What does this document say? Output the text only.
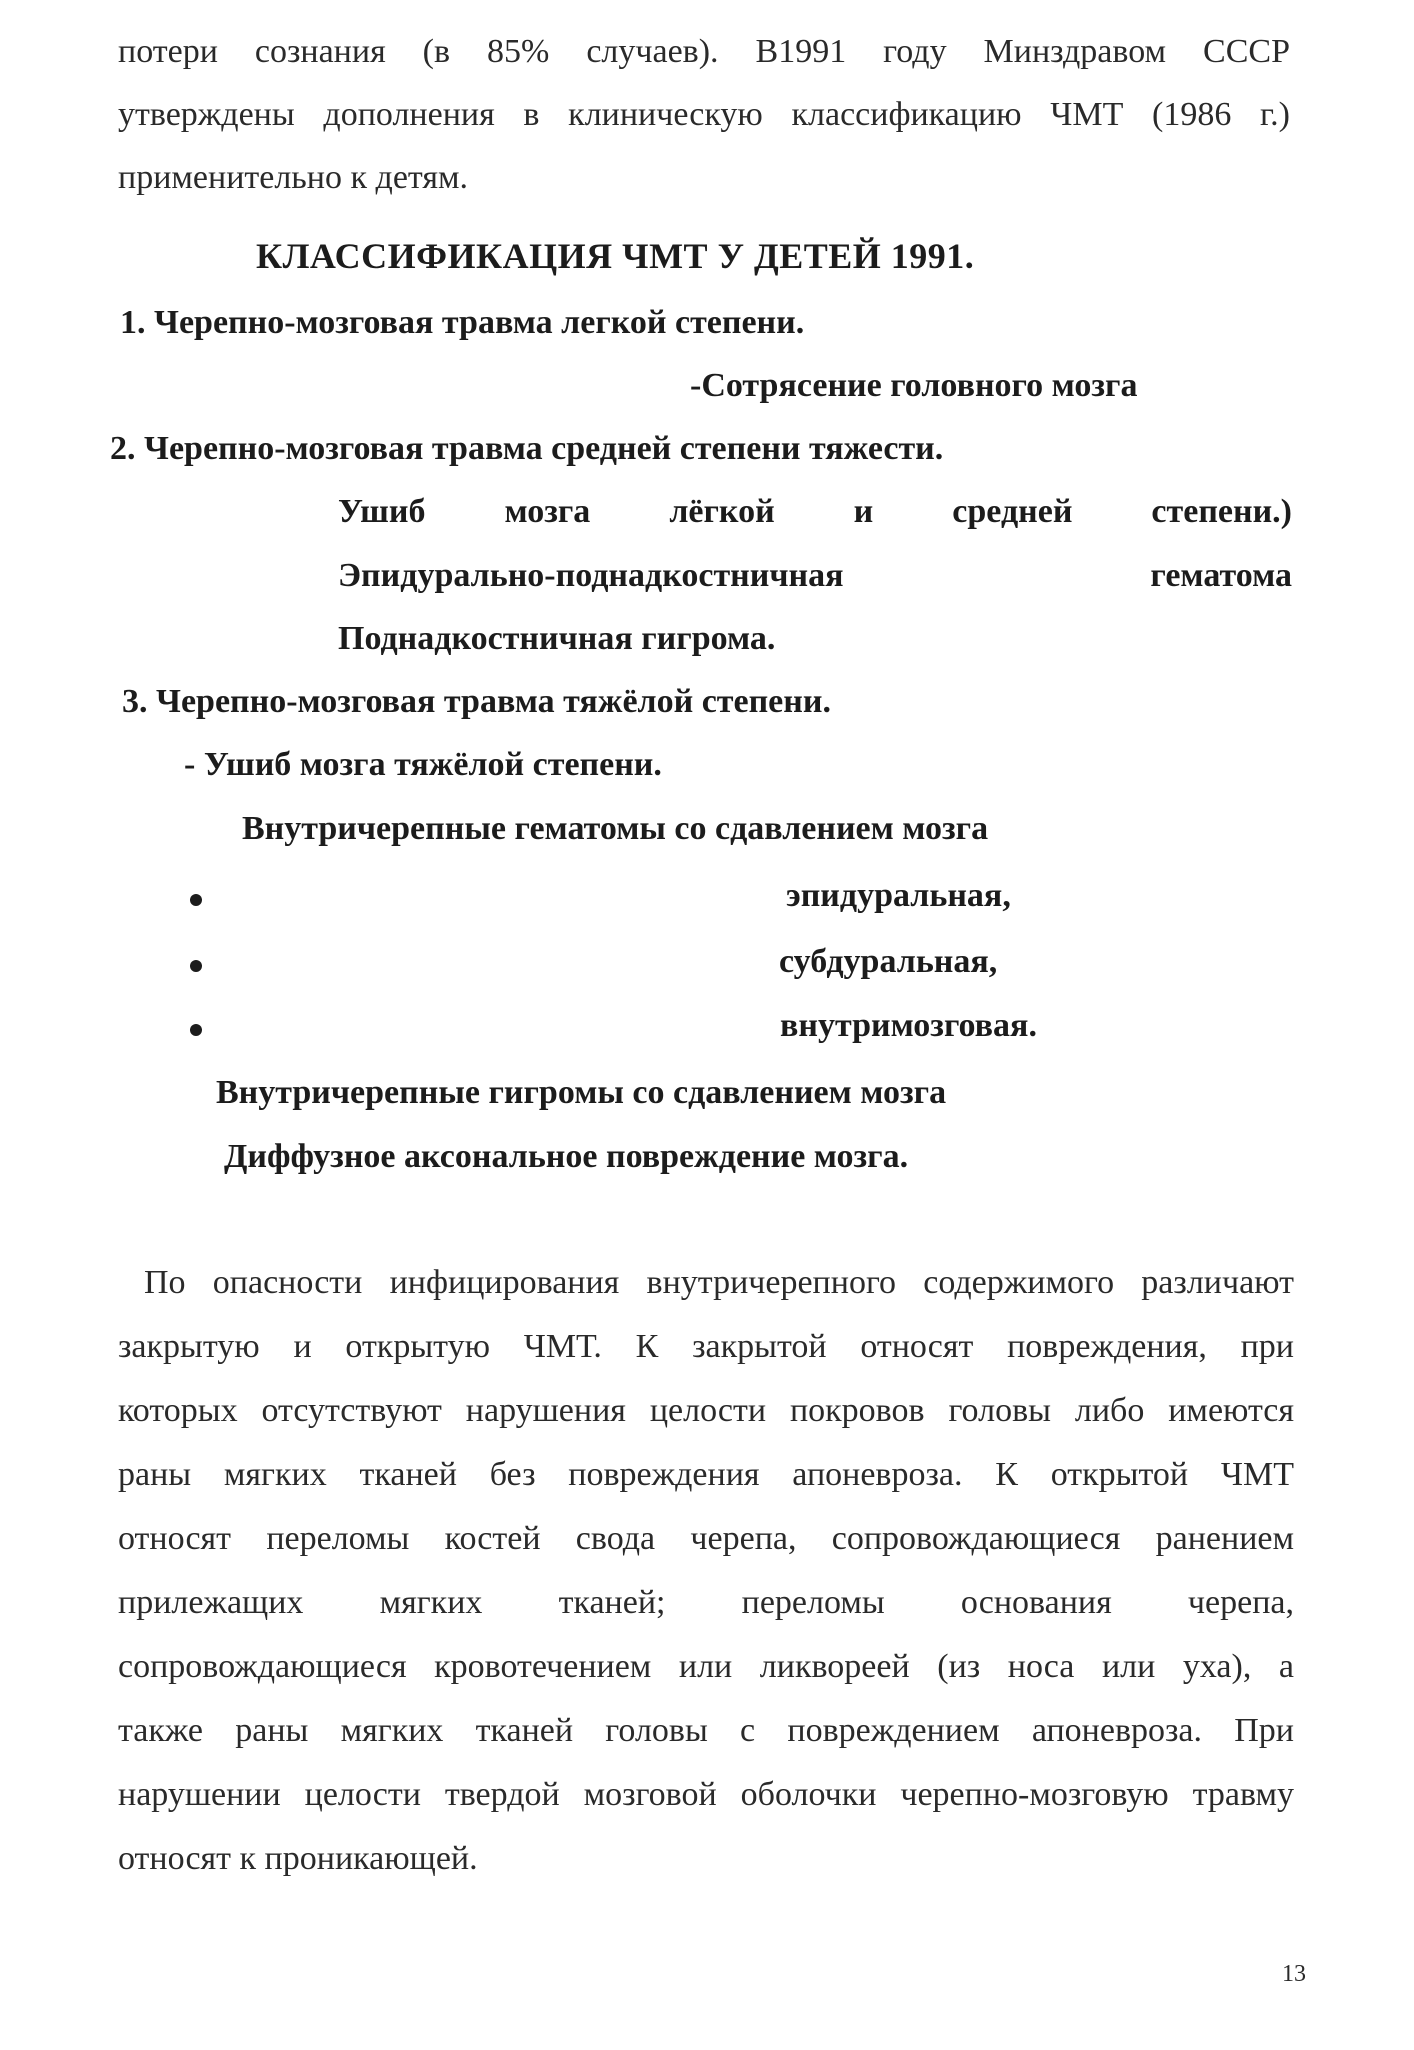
потери сознания (в 85% случаев). В1991 году Минздравом СССР
утверждены дополнения в клиническую классификацию ЧМТ (1986 г.)
применительно к детям.
КЛАССИФИКАЦИЯ ЧМТ У ДЕТЕЙ 1991.
1. Черепно-мозговая травма легкой степени.
-Сотрясение головного мозга
2. Черепно-мозговая травма средней степени тяжести.
Ушиб мозга лёгкой и средней степени.)
Эпидурально-поднадкостничная гематома
Поднадкостничная гигрома.
3. Черепно-мозговая травма тяжёлой степени.
- Ушиб мозга тяжёлой степени.
Внутричерепные гематомы со сдавлением мозга
эпидуральная,
субдуральная,
внутримозговая.
Внутричерепные гигромы со сдавлением мозга
Диффузное аксональное повреждение мозга.
По опасности инфицирования внутричерепного содержимого различают
закрытую и открытую ЧМТ. К закрытой относят повреждения, при
которых отсутствуют нарушения целости покровов головы либо имеются
раны мягких тканей без повреждения апоневроза. К открытой ЧМТ
относят переломы костей свода черепа, сопровождающиеся ранением
прилежащих мягких тканей; переломы основания черепа,
сопровождающиеся кровотечением или ликвореей (из носа или уха), а
также раны мягких тканей головы с повреждением апоневроза. При
нарушении целости твердой мозговой оболочки черепно-мозговую травму
относят к проникающей.
13
